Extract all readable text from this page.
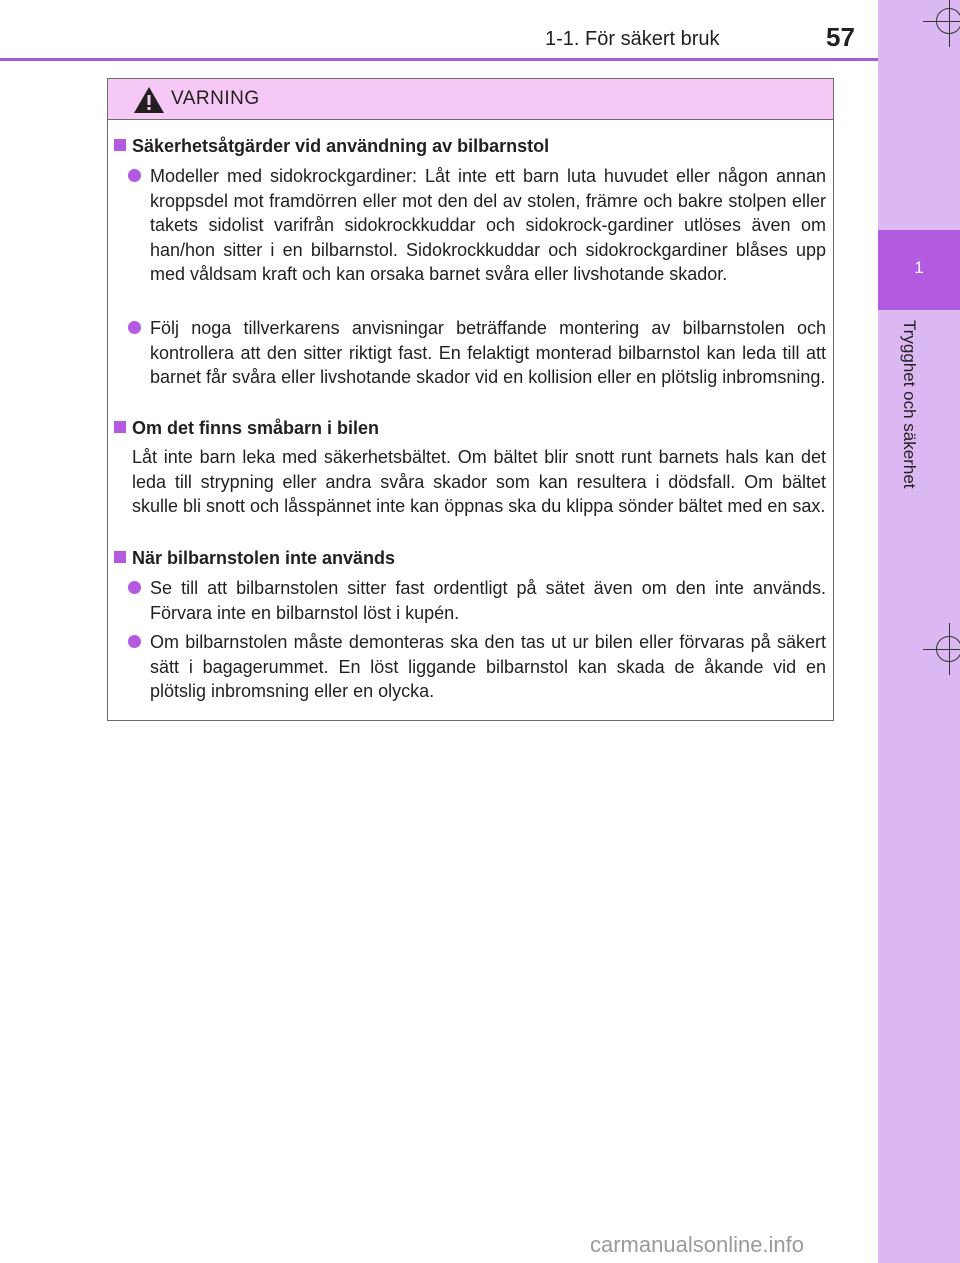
1
Trygghet och säkerhet
1-1. För säkert bruk	57
VARNING
Säkerhetsåtgärder vid användning av bilbarnstol
Modeller med sidokrockgardiner: Låt inte ett barn luta huvudet eller någon annan kroppsdel mot framdörren eller mot den del av stolen, främre och bakre stolpen eller takets sidolist varifrån sidokrockkuddar och sidokrock-gardiner utlöses även om han/hon sitter i en bilbarnstol. Sidokrockkuddar och sidokrockgardiner blåses upp med våldsam kraft och kan orsaka barnet svåra eller livshotande skador.
Följ noga tillverkarens anvisningar beträffande montering av bilbarnstolen och kontrollera att den sitter riktigt fast. En felaktigt monterad bilbarnstol kan leda till att barnet får svåra eller livshotande skador vid en kollision eller en plötslig inbromsning.
Om det finns småbarn i bilen
Låt inte barn leka med säkerhetsbältet. Om bältet blir snott runt barnets hals kan det leda till strypning eller andra svåra skador som kan resultera i dödsfall. Om bältet skulle bli snott och låsspännet inte kan öppnas ska du klippa sönder bältet med en sax.
När bilbarnstolen inte används
Se till att bilbarnstolen sitter fast ordentligt på sätet även om den inte används. Förvara inte en bilbarnstol löst i kupén.
Om bilbarnstolen måste demonteras ska den tas ut ur bilen eller förvaras på säkert sätt i bagagerummet. En löst liggande bilbarnstol kan skada de åkande vid en plötslig inbromsning eller en olycka.
carmanualsonline.info
